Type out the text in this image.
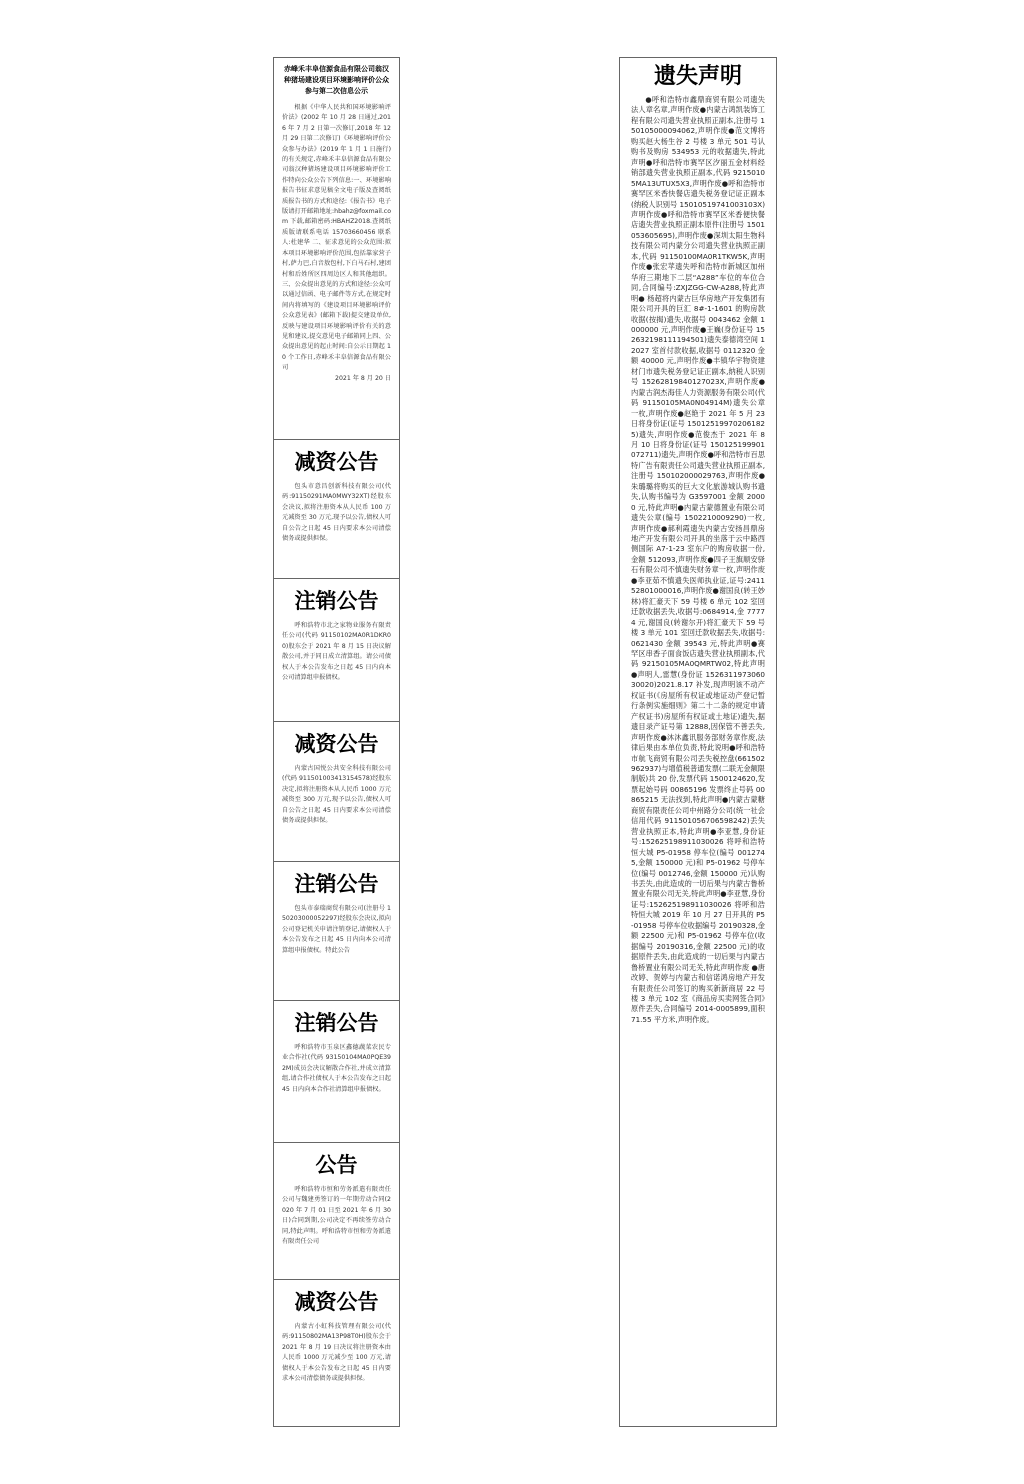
赤峰禾丰阜信源食品有限公司翁汉种猪场建设项目环境影响评价公众参与第二次信息公示

根据《中华人民共和国环境影响评价法》(2002 年 10 月 28 日通过,2016 年 7 月 2 日第一次修订,2018 年 12 月 29 日第二次修订)《环境影响评价公众参与办法》(2019 年 1 月 1 日施行)的有关规定,赤峰禾丰阜信源食品有限公司翁汉种猪场建设项目环境影响评价工作特向公众公告下列信息:一、环境影响报告书征求意见稿全文电子版及查阅纸质报告书的方式和途径:《报告书》电子版请打开邮箱地址:hbahz@foxmail.com 下载,邮箱密码:HBAHZ2018.查阅纸质版请联系电话 15703660456 联系人:杜建华 二、征求意见的公众范围:拟本项目环境影响评价范围,包括靠家营子村,萨力巴,白音敖包村,下白马石村,建团村和后姓所区四周边区人和其他组织。三、公众提出意见的方式和途径:公众可以通过信函、电子邮件等方式,在规定时间内将填写的《建设项目环境影响评价公众意见表》(邮箱下载)提交建设单位,反映与建设项目环境影响评价有关的意见和建议,提交意见电子邮箱同上四、公众提出意见的起止时间:自公示日期起 10 个工作日,赤峰禾丰阜信源食品有限公司

2021 年 8 月 20 日

减资公告

包头市意昌创新科技有限公司(代码:91150291MA0MWY32XT)经股东会决议,拟将注册资本从人民币 100 万元减资至 30 万元,现予以公告,债权人可自公告之日起 45 日内要求本公司清偿债务或提供担保。

注销公告

呼和浩特市北之家物业服务有限责任公司(代码 91150102MA0R1DKR00)股东会于 2021 年 8 月 15 日决议解散公司,并于同日成立清算组。请公司债权人于本公告发布之日起 45 日内向本公司清算组申报债权。

减资公告

内蒙古国悦公共安全科技有限公司(代码 911501003413154578)经股东决定,拟将注册资本从人民币 1000 万元减资至 300 万元,现予以公告,债权人可自公告之日起 45 日内要求本公司清偿债务或提供担保。

注销公告

包头市泰瑞商贸有限公司(注册号 150203000052297)经股东会决议,拟向公司登记机关申请注销登记,请债权人于本公告发布之日起 45 日内向本公司清算组申报债权。特此公告

注销公告

呼和浩特市玉泉区鑫德蔬菜农民专业合作社(代码 93150104MA0PQE392M)成员会决议解散合作社,并成立清算组,请合作社债权人于本公告发布之日起 45 日内向本合作社清算组申报债权。

公告

呼和浩特市恒和劳务派遣有限责任公司与魏建勇签订的一年期劳动合同(2020 年 7 月 01 日至 2021 年 6 月 30 日)合同到期,公司决定不再续签劳动合同,特此声明。呼和浩特市恒和劳务派遣有限责任公司

减资公告

内蒙古小虹科技管理有限公司(代码:91150802MA13P98T0H)股东会于 2021 年 8 月 19 日决议将注册资本由人民币 1000 万元减少至 100 万元,请债权人于本公告发布之日起 45 日内要求本公司清偿债务或提供担保。

遗失声明

●呼和浩特市鑫鼎商贸有限公司遗失法人章名章,声明作废●内蒙古鸿凯装饰工程有限公司遗失营业执照正副本,注册号 150105000094062,声明作废●范文博将购买赵大杨生谷 2 号楼 3 单元 501 号认购书及购房 534953 元的收据遗失,特此声明●呼和浩特市赛罕区汐丽五金材料经销部遗失营业执照正副本,代码 92150105MA13UTUX5X3,声明作废●呼和浩特市赛罕区米香快餐店遗失税务登记证正副本(纳税人识别号 15010519741003103X)声明作废●呼和浩特市赛罕区米香便快餐店遗失营业执照正副本原件(注册号 1501053605695),声明作废●深圳太阳生物科技有限公司内蒙分公司遗失营业执照正副本,代码 91150100MA0R1TKW5K,声明作废●张宏苹遗失呼和浩特市新城区加州华府三期地下二层“A288”车位的车位合同,合同编号:ZXJZGG-CW-A288,特此声明● 杨超将内蒙古巨华房地产开发集团有限公司开具的巨汇 8#-1-1601 的购房款收据(按揭)遗失,收据号 0043462 金额 1000000 元,声明作废●王巍(身份证号 152632198111194501)遗失泰德湾空间 12027 室首付款收据,收据号 0112320 金额 40000 元,声明作废●丰镇华宇物资建材门市遗失税务登记证正副本,纳税人识别号 152628198401270​23X,声明作废●内蒙古润杰海佳人力资源服务有限公司(代码 91150105MA0N04914M)遗失公章一枚,声明作废●赵艳于 2021 年 5 月 23 日将身份证(证号 150125199702061825)遗失,声明作废●范俊杰于 2021 年 8 月 10 日将身份证(证号 150125199901072711)遗失,声明作废●呼和浩特市百思特广告有限责任公司遗失营业执照正副本,注册号 150102000029763,声明作废●朱璐璐将购买的巨大文化旅游城认购书遗失,认购书编号为 G3597001 金额 20000 元,特此声明●内蒙古蒙德置业有限公司遗失公章(编号 1502210009290)一枚,声明作废●郝利霞遗失内蒙古安扬昌鼎房地产开发有限公司开具的坐落于云中路西侧国际 A7-1-23 室东户的购房收据一份,金额 512093,声明作废●四子王旗顺安驿石有限公司不慎遗失财务章一枚,声明作废●李亚茹不慎遗失医师执业证,证号:241152801000016,声明作废●谢国良(转王妙林)将汇豪天下 59 号楼 6 单元 102 室回迁款收据丢失,收据号:0684914,金 77774 元,谢国良(转谢尔开)将汇豪天下 59 号楼 3 单元 101 室回迁款收据丢失,收据号:0621430 金额 39543 元,特此声明●赛罕区串香子面食饭店遗失营业执照副本,代码 92150105MA0QMRTW02,特此声明●声明人,雷慧(身份证 152631197306030020)2021.8.17 补发,现声明该不动产权证书(《房屋所有权证或地证动产登记暂行条例实施细则》第二十二条的规定申请产权证书)房屋所有权证或土地证)遗失,据遗目录产证号第 12888,因保管不善丢失,声明作废●沐沐鑫讯服务部财务章作废,法律后果由本单位负责,特此说明●呼和浩特市航飞商贸有限公司丢失税控盘(661502962937)与增值税普通发票(二联无金额限制版)共 20 份,发票代码 1500124620,发票起始号码 00865196 发票终止号码 00865215 无法找到,特此声明●内蒙古蒙糖商贸有限责任公司中州路分公司(统一社会信用代码 91150105670659824​2)丢失营业执照正本,特此声明●李亚慧,身份证号:152625198911030026 将呼和浩特恒大城 P5-01958 停车位(编号 0012745,金额 150000 元)和 P5-01962 号停车位(编号 0012746,金额 150000 元)认购书丢失,由此造成的一切后果与内蒙古鲁桥置业有限公司无关,特此声明●李亚慧,身份证号:152625198911030026 将呼和浩特恒大城 2019 年 10 月 27 日开具的 P5-01958 号停车位收据编号 20190328,金额 22500 元)和 P5-01962 号停车位(收据编号 20190316,金额 22500 元)的收据原件丢失,由此造成的一切后果与内蒙古鲁桥置业有限公司无关,特此声明作废 ●唐改婷、贺婷与内蒙古和信诺鸿房地产开发有限责任公司签订的购买新新商居 22 号楼 3 单元 102 室《商品房买卖网签合同》原件丢失,合同编号 2014-0005899,面积 71.55 平方米,声明作废。
